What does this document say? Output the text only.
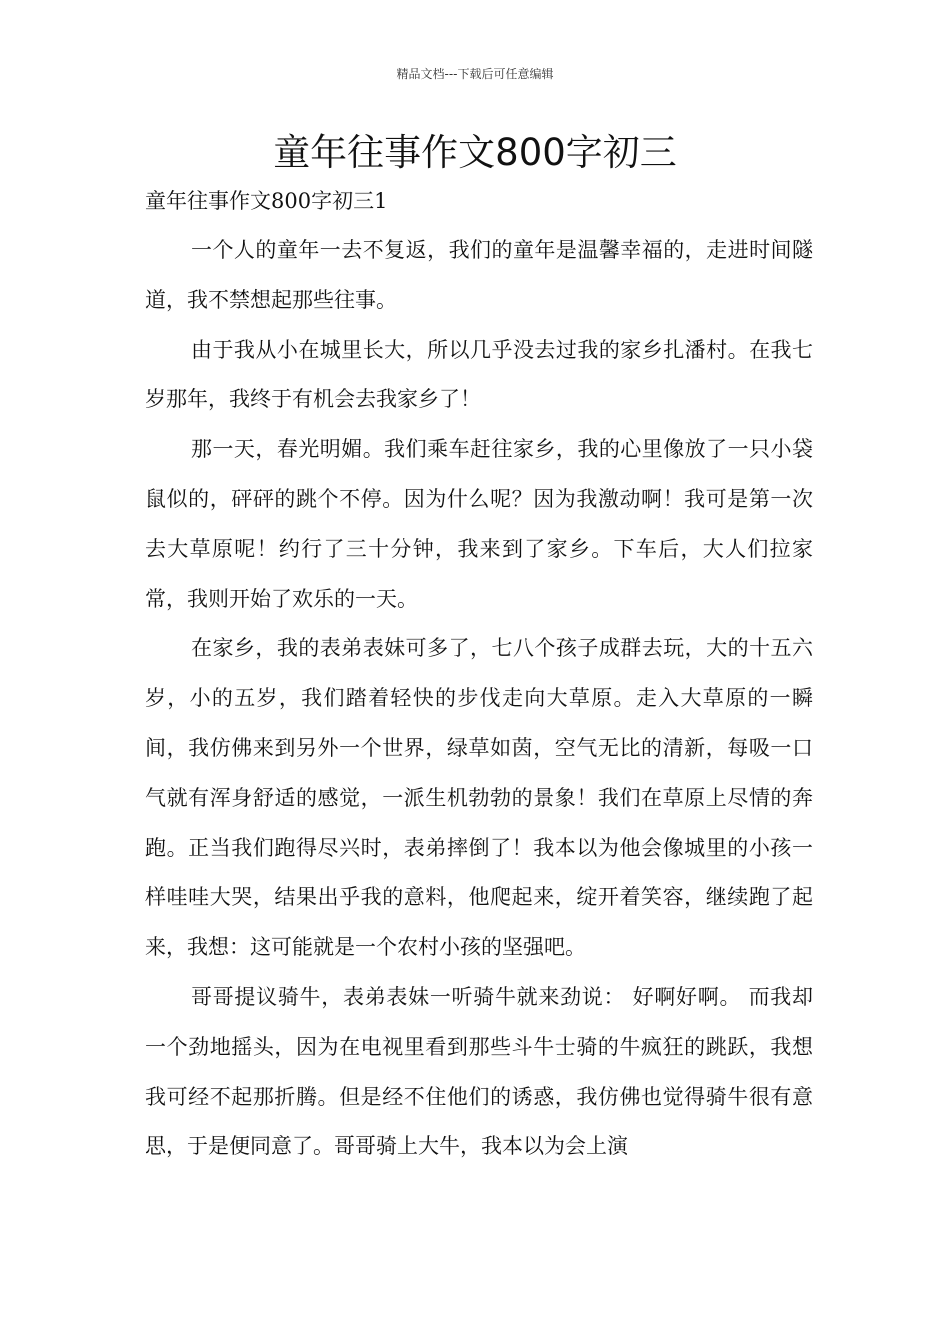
精品文档---下载后可任意编辑
童年往事作文800字初三
童年往事作文800字初三1

一个人的童年一去不复返，我们的童年是温馨幸福的，走进时间隧道，我不禁想起那些往事。

由于我从小在城里长大，所以几乎没去过我的家乡扎潘村。在我七岁那年，我终于有机会去我家乡了！

那一天，春光明媚。我们乘车赶往家乡，我的心里像放了一只小袋鼠似的，砰砰的跳个不停。因为什么呢？因为我激动啊！我可是第一次去大草原呢！约行了三十分钟，我来到了家乡。下车后，大人们拉家常，我则开始了欢乐的一天。

在家乡，我的表弟表妹可多了，七八个孩子成群去玩，大的十五六岁，小的五岁，我们踏着轻快的步伐走向大草原。走入大草原的一瞬间，我仿佛来到另外一个世界，绿草如茵，空气无比的清新，每吸一口气就有浑身舒适的感觉，一派生机勃勃的景象！我们在草原上尽情的奔跑。正当我们跑得尽兴时，表弟摔倒了！我本以为他会像城里的小孩一样哇哇大哭，结果出乎我的意料，他爬起来，绽开着笑容，继续跑了起来，我想：这可能就是一个农村小孩的坚强吧。

哥哥提议骑牛，表弟表妹一听骑牛就来劲说： 好啊好啊。 而我却一个劲地摇头，因为在电视里看到那些斗牛士骑的牛疯狂的跳跃，我想我可经不起那折腾。但是经不住他们的诱惑，我仿佛也觉得骑牛很有意思，于是便同意了。哥哥骑上大牛，我本以为会上演
